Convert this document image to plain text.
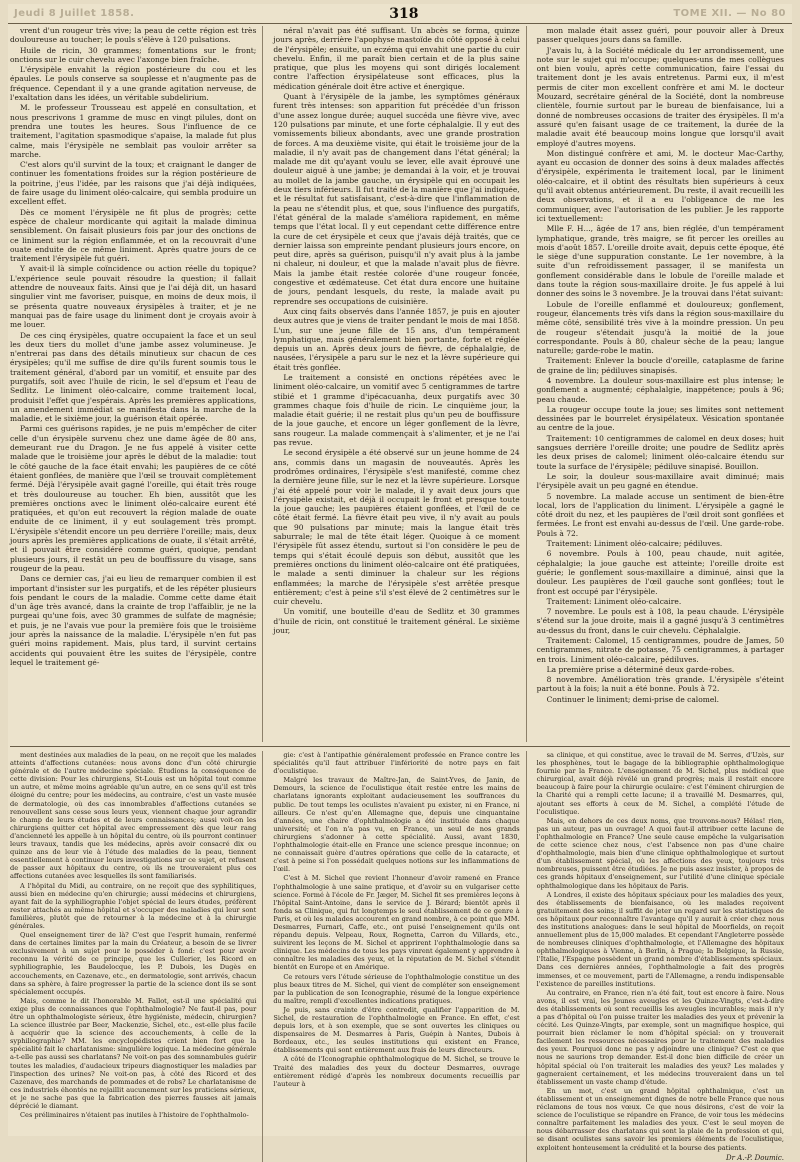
Jeudi 8 Juillet 1858.	318	TOME XII. — No 80

vrent d'un rougeur très vive; la peau de cette région est très douloureuse au toucher; le pouls s'élève à 120 pulsations.

Huile de ricin, 30 grammes; fomentations sur le front; onctions sur le cuir chevelu avec l'axonge bien fraîche.

L'érysipèle envahit la région postérieure du cou et les épaules. Le pouls conserve sa souplesse et n'augmente pas de fréquence. Cependant il y a une grande agitation nerveuse, de l'exaltation dans les idées, un véritable subdelirium.

M. le professeur Trousseau est appelé en consultation, et nous prescrivons 1 gramme de musc en vingt pilules, dont on prendra une toutes les heures. Sous l'influence de ce traitement, l'agitation spasmodique s'apaise, la malade fut plus calme, mais l'érysipèle ne semblait pas vouloir arrêter sa marche.

C'est alors qu'il survint de la toux; et craignant le danger de continuer les fomentations froides sur la région postérieure de la poitrine, j'eus l'idée, par les raisons que j'ai déjà indiquées, de faire usage du liniment oléo-calcaire, qui sembla produire un excellent effet.

Dès ce moment l'érysipèle ne fit plus de progrès; cette espèce de chaleur mordicante qui agitait la malade diminua sensiblement. On faisait plusieurs fois par jour des onctions de ce liniment sur la région enflammée, et on la recouvrait d'une ouate enduite de ce même liniment. Après quatre jours de ce traitement l'érysipèle fut guéri.

Y avait-il là simple coïncidence ou action réelle du topique? L'expérience seule pouvait résoudre la question; il fallait attendre de nouveaux faits. Ainsi que je l'ai déjà dit, un hasard singulier vint me favoriser, puisque, en moins de deux mois, il se présenta quatre nouveaux érysipèles à traiter, et je ne manquai pas de faire usage du liniment dont je croyais avoir à me louer.

De ces cinq érysipèles, quatre occupaient la face et un seul les deux tiers du mollet d'une jambe assez volumineuse. Je n'entrerai pas dans des détails minutieux sur chacun de ces érysipèles; qu'il me suffise de dire qu'ils furent soumis tous le traitement général, d'abord par un vomitif, et ensuite par des purgatifs, soit avec l'huile de ricin, le sel d'epsum et l'eau de Sedlitz. Le liniment oléo-calcaire, comme traitement local, produisit l'effet que j'espérais. Après les premières applications, un amendement immédiat se manifesta dans la marche de la maladie, et le sixième jour, la guérison était opérée.

Parmi ces guérisons rapides, je ne puis m'empêcher de citer celle d'un érysipèle survenu chez une dame âgée de 80 ans, demeurant rue du Dragon. Je ne fus appelé à visiter cette malade que le troisième jour après le début de la maladie: tout le côté gauche de la face était envahi; les paupières de ce côté étaient gonflées, de manière que l'œil se trouvait complètement fermé. Déjà l'érysipèle avait gagné l'oreille, qui était très rouge et très douloureuse au toucher. Eh bien, aussitôt que les premières onctions avec le liniment oléo-calcaire eurent été pratiquées, et qu'on eut recouvert la région malade de ouate enduite de ce liniment, il y eut soulagement très prompt. L'érysipèle s'étendit encore un peu derrière l'oreille; mais, deux jours après les premières applications de ouate, il s'était arrêté, et il pouvait être considéré comme guéri, quoique, pendant plusieurs jours, il restât un peu de bouffissure du visage, sans rougeur de la peau.

Dans ce dernier cas, j'ai eu lieu de remarquer combien il est important d'insister sur les purgatifs, et de les répéter plusieurs fois pendant le cours de la maladie. Comme cette dame était d'un âge très avancé, dans la crainte de trop l'affaiblir, je ne la purgeai qu'une fois, avec 30 grammes de sulfate de magnésie; et puis, je ne l'avais vue pour la première fois que le troisième jour après la naissance de la maladie. L'érysipèle n'en fut pas guéri moins rapidement. Mais, plus tard, il survint certains accidents qui pouvaient être les suites de l'érysipèle, contre lequel le traitement gé-

néral n'avait pas été suffisant. Un abcès se forma, quinze jours après, derrière l'apophyse mastoïde du côté opposé à celui de l'érysipèle; ensuite, un eczéma qui envahit une partie du cuir chevelu. Enfin, il me paraît bien certain et de la plus saine pratique, que plus les moyens qui sont dirigés localement contre l'affection érysipélateuse sont efficaces, plus la médication générale doit être active et énergique.

Quant à l'érysipèle de la jambe, les symptômes généraux furent très intenses: son apparition fut précédée d'un frisson d'une assez longue durée; auquel succéda une fièvre vive, avec 120 pulsations par minute, et une forte céphalalgie. Il y eut des vomissements bilieux abondants, avec une grande prostration de forces. A ma deuxième visite, qui était le troisième jour de la maladie, il n'y avait pas de changement dans l'état général; la malade me dit qu'ayant voulu se lever, elle avait éprouvé une douleur aiguë à une jambe; je demandai à la voir, et je trouvai au mollet de la jambe gauche, un érysipèle qui en occupait les deux tiers inférieurs. Il fut traité de la manière que j'ai indiquée, et le résultat fut satisfaisant, c'est-à-dire que l'inflammation de la peau ne s'étendit plus, et que, sous l'influence des purgatifs, l'état général de la malade s'améliora rapidement, en même temps que l'état local. Il y eut cependant cette différence entre la cure de cet érysipèle et ceux que j'avais déjà traités, que ce dernier laissa son empreinte pendant plusieurs jours encore, on peut dire, après sa guérison, puisqu'il n'y avait plus à la jambe ni chaleur, ni douleur, et que la malade n'avait plus de fièvre. Mais la jambe était restée colorée d'une rougeur foncée, congestive et œdémateuse. Cet état dura encore une huitaine de jours, pendant lesquels, du reste, la malade avait pu reprendre ses occupations de cuisinière.

Aux cinq faits observés dans l'année 1857, je puis en ajouter deux autres que je viens de traiter pendant le mois de mai 1858. L'un, sur une jeune fille de 15 ans, d'un tempérament lymphatique, mais généralement bien portante, forte et réglée depuis un an. Après deux jours de fièvre, de céphalalgie, de nausées, l'érysipèle a paru sur le nez et la lèvre supérieure qui était très gonflée.

Le traitement a consisté en onctions répétées avec le liniment oléo-calcaire, un vomitif avec 5 centigrammes de tartre stibié et 1 gramme d'ipécacuanha, deux purgatifs avec 30 grammes chaque fois d'huile de ricin. Le cinquième jour, la maladie était guérie; il ne restait plus qu'un peu de bouffissure de la joue gauche, et encore un léger gonflement de la lèvre, sans rougeur. La malade commençait à s'alimenter, et je ne l'ai pas revue.

Le second érysipèle a été observé sur un jeune homme de 24 ans, commis dans un magasin de nouveautés. Après les prodrômes ordinaires, l'érysipèle s'est manifesté, comme chez la dernière jeune fille, sur le nez et la lèvre supérieure. Lorsque j'ai été appelé pour voir le malade, il y avait deux jours que l'érysipèle existait, et déjà il occupait le front et presque toute la joue gauche; les paupières étaient gonflées, et l'œil de ce côté était fermé. La fièvre était peu vive, il n'y avait au pouls que 90 pulsations par minute; mais la langue était très saburrale; le mal de tête était léger. Quoique à ce moment l'érysipèle fût assez étendu, surtout si l'on considère le peu de temps qui s'était écoulé depuis son début, aussitôt que les premières onctions du liniment oléo-calcaire ont été pratiquées, le malade a senti diminuer la chaleur sur les régions enflammées; la marche de l'érysipèle s'est arrêtée presque entièrement; c'est à peine s'il s'est élevé de 2 centimètres sur le cuir chevelu.

Un vomitif, une bouteille d'eau de Sedlitz et 30 grammes d'huile de ricin, ont constitué le traitement général. Le sixième jour,

mon malade était assez guéri, pour pouvoir aller à Dreux passer quelques jours dans sa famille.

J'avais lu, à la Société médicale du 1er arrondissement, une note sur le sujet qui m'occupe; quelques-uns de mes collègues ont bien voulu, après cette communication, faire l'essai du traitement dont je les avais entretenus. Parmi eux, il m'est permis de citer mon excellent confrère et ami M. le docteur Mouzard, secrétaire général de la Société, dont la nombreuse clientèle, fournie surtout par le bureau de bienfaisance, lui a donné de nombreuses occasions de traiter des érysipèles. Il m'a assuré qu'en faisant usage de ce traitement, la durée de la maladie avait été beaucoup moins longue que lorsqu'il avait employé d'autres moyens.

Mon distingué confrère et ami, M. le docteur Mac-Carthy, ayant eu occasion de donner des soins à deux malades affectés d'érysipèle, expérimenta le traitement local, par le liniment oléo-calcaire, et il obtint des résultats bien supérieurs à ceux qu'il avait obtenus antérieurement. Du reste, il avait recueilli les deux observations, et il a eu l'obligeance de me les communiquer, avec l'autorisation de les publier. Je les rapporte ici textuellement:

Mlle F. H..., âgée de 17 ans, bien réglée, d'un tempérament lymphatique, grande, très maigre, se fit percer les oreilles au mois d'août 1857. L'oreille droite avait, depuis cette époque, été le siège d'une suppuration constante. Le 1er novembre, à la suite d'un refroidissement passager, il se manifesta un gonflement considérable dans le lobule de l'oreille malade et dans toute la région sous-maxillaire droite. Je fus appelé à lui donner des soins le 3 novembre. Je la trouvai dans l'état suivant:

Lobule de l'oreille enflammé et douloureux; gonflement, rougeur, élancements très vifs dans la région sous-maxillaire du même côté, sensibilité très vive à la moindre pression. Un peu de rougeur s'étendait jusqu'à la moitié de la joue correspondante. Pouls à 80, chaleur sèche de la peau; langue naturelle; garde-robe le matin.

Traitement: Enlever la boucle d'oreille, cataplasme de farine de graine de lin; pédiluves sinapisés.

4 novembre. La douleur sous-maxillaire est plus intense; le gonflement a augmenté; céphalalgie, inappétence; pouls à 96; peau chaude.

La rougeur occupe toute la joue; ses limites sont nettement dessinées par le bourrelet érysipélateux. Vésication spontanée au centre de la joue.

Traitement: 10 centigrammes de calomel en deux doses; huit sangsues derrière l'oreille droite; une poudre de Sedlitz après les deux prises de calomel; liniment oléo-calcaire étendu sur toute la surface de l'érysipèle; pédiluve sinapisé. Bouillon.

Le soir, la douleur sous-maxillaire avait diminué; mais l'érysipèle avait un peu gagné en étendue.

5 novembre. La malade accuse un sentiment de bien-être local, lors de l'application du liniment. L'érysipèle a gagné le côté droit du nez, et les paupières de l'œil droit sont gonflées et fermées. Le front est envahi au-dessus de l'œil. Une garde-robe. Pouls à 72.

Traitement: Liniment oléo-calcaire; pédiluves.

6 novembre. Pouls à 100, peau chaude, nuit agitée, céphalalgie; la joue gauche est atteinte; l'oreille droite est guérie; le gonflement sous-maxillaire a diminué, ainsi que la douleur. Les paupières de l'œil gauche sont gonflées; tout le front est occupé par l'érysipèle.

Traitement: Liniment oléo-calcaire.

7 novembre. Le pouls est à 108, la peau chaude. L'érysipèle s'étend sur la joue droite, mais il a gagné jusqu'à 3 centimètres au-dessus du front, dans le cuir chevelu. Céphalalgie.

Traitement: Calomel, 15 centigrammes, poudre de James, 50 centigrammes, nitrate de potasse, 75 centigrammes, à partager en trois. Liniment oléo-calcaire, pédiluves.

La première prise a déterminé deux garde-robes.

8 novembre. Amélioration très grande. L'érysipèle s'éteint partout à la fois; la nuit a été bonne. Pouls à 72.

Continuer le liniment; demi-prise de calomel.

ment destinées aux maladies de la peau, on ne reçoit que les malades atteints d'affections cutanées: nous avons donc d'un côté chirurgie générale et de l'autre médecine spéciale. Étudions la conséquence de cette division: Pour les chirurgiens, St-Louis est un hôpital tout comme un autre, et même moins agréable qu'un autre, en ce sens qu'il est très éloigné du centre; pour les médecins, au contraire, c'est un vaste musée de dermatologie, où des cas innombrables d'affections cutanées se renouvellent sans cesse sous leurs yeux, viennent chaque jour agrandir le champ de leurs études et de leurs connaissances; aussi voit-on les chirurgiens quitter cet hôpital avec empressement dès que leur rang d'ancienneté les appelle à un hôpital du centre, où ils pourront continuer leurs travaux, tandis que les médecins, après avoir consacré dix ou quinze ans de leur vie à l'étude des maladies de la peau, tiennent essentiellement à continuer leurs investigations sur ce sujet, et refusent de passer aux hôpitaux du centre, où ils ne trouveraient plus ces affections cutanées avec lesquelles ils sont familiarisés.

A l'hôpital du Midi, au contraire, on ne reçoit que des syphilitiques, aussi bien en médecine qu'en chirurgie; aussi médecins et chirurgiens, ayant fait de la syphiliographie l'objet spécial de leurs études, préfèrent rester attachés au même hôpital et s'occuper des maladies qui leur sont familières, plutôt que de retourner à la médecine et à la chirurgie générales.

Quel enseignement tirer de là? C'est que l'esprit humain, renfermé dans de certaines limites par la main du Créateur, a besoin de se livrer exclusivement à un sujet pour le posséder à fond: c'est pour avoir reconnu la vérité de ce principe, que les Cullerier, les Ricord en syphiliographie, les Baudelocque, les P. Dubois, les Dugès en accouchements, en Cazenave, etc., en dermatologie, sont arrivés, chacun dans sa sphère, à faire progresser la partie de la science dont ils se sont spécialement occupés.

Mais, comme le dit l'honorable M. Fallot, est-il une spécialité qui exige plus de connaissances que l'ophthalmologie? Ne faut-il pas, pour être un ophthalmologiste sérieux, être hygiéniste, médecin, chirurgien? La science illustrée par Beer, Mackenzie, Sichel, etc., est-elle plus facile à acquérir que la science des accouchements, à celle de la syphiliographie? MM. les encyclopédistes crient bien fort que la spécialité fait le charlatanisme: singulière logique. La médecine générale a-t-elle pas aussi ses charlatans? Ne voit-on pas des somnambules guérir toutes les maladies, d'audacieux tripeurs diagnostiquer les maladies par l'inspection des urines? Ne voit-on pas, à côté des Ricord et des Cazenave, des marchands de pommades et de robs? Le charlatanisme de ces industriels éhontés ne rejaillit aucunement sur les praticiens sérieux, et je ne sache pas que la fabrication des pierres fausses ait jamais déprécié le diamant.

Ces préliminaires n'étaient pas inutiles à l'histoire de l'ophthalmolo-

gie: c'est à l'antipathie généralement professée en France contre les spécialités qu'il faut attribuer l'infériorité de notre pays en fait d'oculistique.

Malgré les travaux de Maître-Jan, de Saint-Yves, de Janin, de Demours, la science de l'oculistique était restée entre les mains de charlatans ignorants exploitant audacieusement les souffrances du public. De tout temps les oculistes n'avaient pu exister, ni en France, ni ailleurs. Ce n'est qu'en Allemagne que, depuis une cinquantaine d'années, une chaire d'ophthalmologie a été instituée dans chaque université; et l'on n'a pas vu, en France, un seul de nos grands chirurgiens s'adonner à cette spécialité. Aussi, avant 1830, l'ophthalmologie était-elle en France une science presque inconnue; on ne connaissait guère d'autres opérations que celle de la cataracte, et c'est à peine si l'on possédait quelques notions sur les inflammations de l'œil.

C'est à M. Sichel que revient l'honneur d'avoir ramené en France l'ophthalmologie à une saine pratique, et d'avoir su en vulgariser cette science. Formé à l'école de Fr. Jæger, M. Sichel fit ses premières leçons à l'hôpital Saint-Antoine, dans le service de J. Bérard; bientôt après il fonda sa Clinique, qui fut longtemps le seul établissement de ce genre à Paris, et où les malades accourent en grand nombre, à ce point que MM. Desmarres, Furnari, Caffe, etc., ont puisé l'enseignement qu'ils ont répandu depuis. Velpeau, Roux, Rognetta, Carron du Villards, etc., suivirent les leçons de M. Sichel et apprirent l'ophthalmologie dans sa clinique. Les médecins de tous les pays vinrent également y apprendre à connaître les maladies des yeux, et la réputation de M. Sichel s'étendit bientôt en Europe et en Amérique.

Ce retours vers l'étude sérieuse de l'ophthalmologie constitue un des plus beaux titres de M. Sichel, qui vient de compléter son enseignement par la publication de son Iconographie, résumé de la longue expérience du maître, rempli d'excellentes indications pratiques.

Je puis, sans crainte d'être contredit, qualifier l'apparition de M. Sichel, de restauration de l'ophthalmologie en France. En effet, c'est depuis lors, et à son exemple, que se sont ouvertes les cliniques ou dispensaires de M. Desmarres à Paris, Guépin à Nantes, Dubois à Bordeaux, etc., les seules institutions qui existent en France, établissements qui sont entièrement aux frais de leurs directeurs.

A côté de l'Iconographie ophthalmologique de M. Sichel, se trouve le Traité des maladies des yeux du docteur Desmarres, ouvrage entièrement rédigé d'après les nombreux documents recueillis par l'auteur à

sa clinique, et qui constitue, avec le travail de M. Serres, d'Uzès, sur les phosphènes, tout le bagage de la bibliographie ophthalmologique fournie par la France. L'enseignement de M. Sichel, plus médical que chirurgical, avait déjà révélé un grand progrès; mais il restait encore beaucoup à faire pour la chirurgie oculaire: c'est l'éminent chirurgien de la Charité qui a rempli cette lacune; il a travaillé M. Desmarres, qui, ajoutant ses efforts à ceux de M. Sichel, a complété l'étude de l'oculistique.

Mais, en dehors de ces deux noms, que trouvons-nous? Hélas! rien, pas un auteur, pas un ouvrage! A quoi faut-il attribuer cette lacune de l'ophthalmologie en France? Une seule cause empêche la vulgarisation de cette science chez nous, c'est l'absence non pas d'une chaire d'ophthalmologie, mais bien d'une clinique ophthalmologique et surtout d'un établissement spécial, où les affections des yeux, toujours très nombreuses, puissent être étudiées. Je ne puis assez insister, à propos de ces grands hôpitaux d'enseignement, sur l'utilité d'une clinique spéciale ophthalmologique dans les hôpitaux de Paris.

A Londres, il existe des hôpitaux spéciaux pour les maladies des yeux, des établissements de bienfaisance, où les malades reçoivent gratuitement des soins; il suffit de jeter un regard sur les statistiques de ces hôpitaux pour reconnaître l'avantage qu'il y aurait à créer chez nous des institutions analogues: dans le seul hôpital de Moorfields, on reçoit annuellement plus de 15,000 malades. Et cependant l'Angleterre possède de nombreuses cliniques d'ophthalmologie, et l'Allemagne des hôpitaux ophthalmologiques à Vienne, à Berlin, à Prague; la Belgique, la Russie, l'Italie, l'Espagne possèdent un grand nombre d'établissements spéciaux. Dans ces dernières années, l'ophthalmologie a fait des progrès immenses, et ce mouvement, parti de l'Allemagne, a rendu indispensable l'existence de pareilles institutions.

Au contraire, en France, rien n'a été fait, tout est encore à faire. Nous avons, il est vrai, les Jeunes aveugles et les Quinze-Vingts, c'est-à-dire des établissements où sont recueillis les aveugles incurables; mais il n'y a pas d'hôpital où l'on puisse traiter les maladies des yeux et prévenir la cécité. Les Quinze-Vingts, par exemple, sont un magnifique hospice, qui pourrait bien réclamer le nom d'hôpital spécial: on y trouverait facilement les ressources nécessaires pour le traitement des maladies des yeux. Pourquoi donc ne pas y adjoindre une clinique? C'est ce que nous ne saurions trop demander. Est-il donc bien difficile de créer un hôpital spécial où l'on traiterait les maladies des yeux? Les malades y gagneraient certainement, et les médecins trouveraient dans un tel établissement un vaste champ d'étude.

En un mot, c'est un grand hôpital ophthalmique, c'est un établissement et un enseignement dignes de notre belle France que nous réclamons de tous nos vœux. Ce que nous désirons, c'est de voir la science de l'oculistique se répandre en France, de voir tous les médecins connaître parfaitement les maladies des yeux. C'est le seul moyen de nous débarrasser des charlatans qui sont la plaie de la profession et qui, se disant oculistes sans savoir les premiers éléments de l'oculistique, exploitent honteusement la crédulité et la bourse des patients.

Dr A.-P. Doumic.
